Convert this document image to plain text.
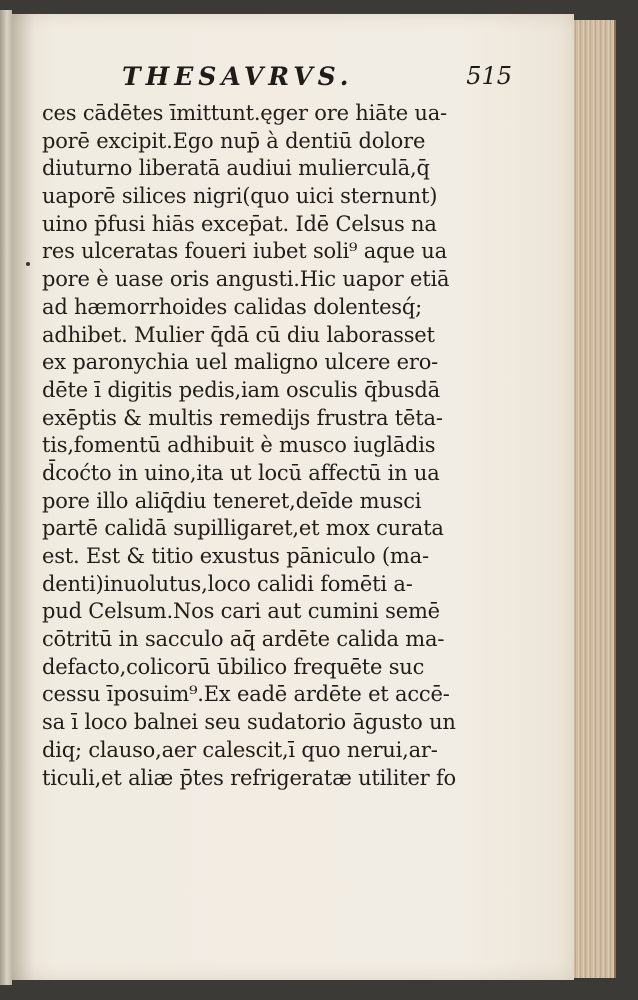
THESAVRVS.	515
ces cādētes īmittunt.ęger ore hiāte ua-
porē excipit.Ego nup̄ à dentiū dolore
diuturno liberatā audiui mulierculā,q̄
uaporē silices nigri(quo uici sternunt)
uino p̄fusi hiās excep̄at. Idē Celsus na
res ulceratas foueri iubet soli⁹ aque ua
pore è uase oris angusti.Hic uapor etiā
ad hæmorrhoides calidas dolentesq́;
adhibet. Mulier q̄dā cū diu laborasset
ex paronychia uel maligno ulcere ero-
dēte ī digitis pedis,iam osculis q̄busdā
exēptis & multis remedijs frustra tēta-
tis,fomentū adhibuit è musco iuglādis
d̄coćto in uino,ita ut locū affectū in ua
pore illo aliq̄diu teneret,deīde musci
partē calidā supilligaret,et mox curata
est. Est & titio exustus pāniculo (ma-
denti)inuolutus,loco calidi fomēti a-
pud Celsum.Nos cari aut cumini semē
cōtritū in sacculo aq̄ ardēte calida ma-
defacto,colicorū ūbilico frequēte suc
cessu īposuim⁹.Ex eadē ardēte et accē-
sa ī loco balnei seu sudatorio āgusto un
diq; clauso,aer calescit,ī quo nerui,ar-
ticuli,et aliæ p̄tes refrigeratæ utiliter fo
